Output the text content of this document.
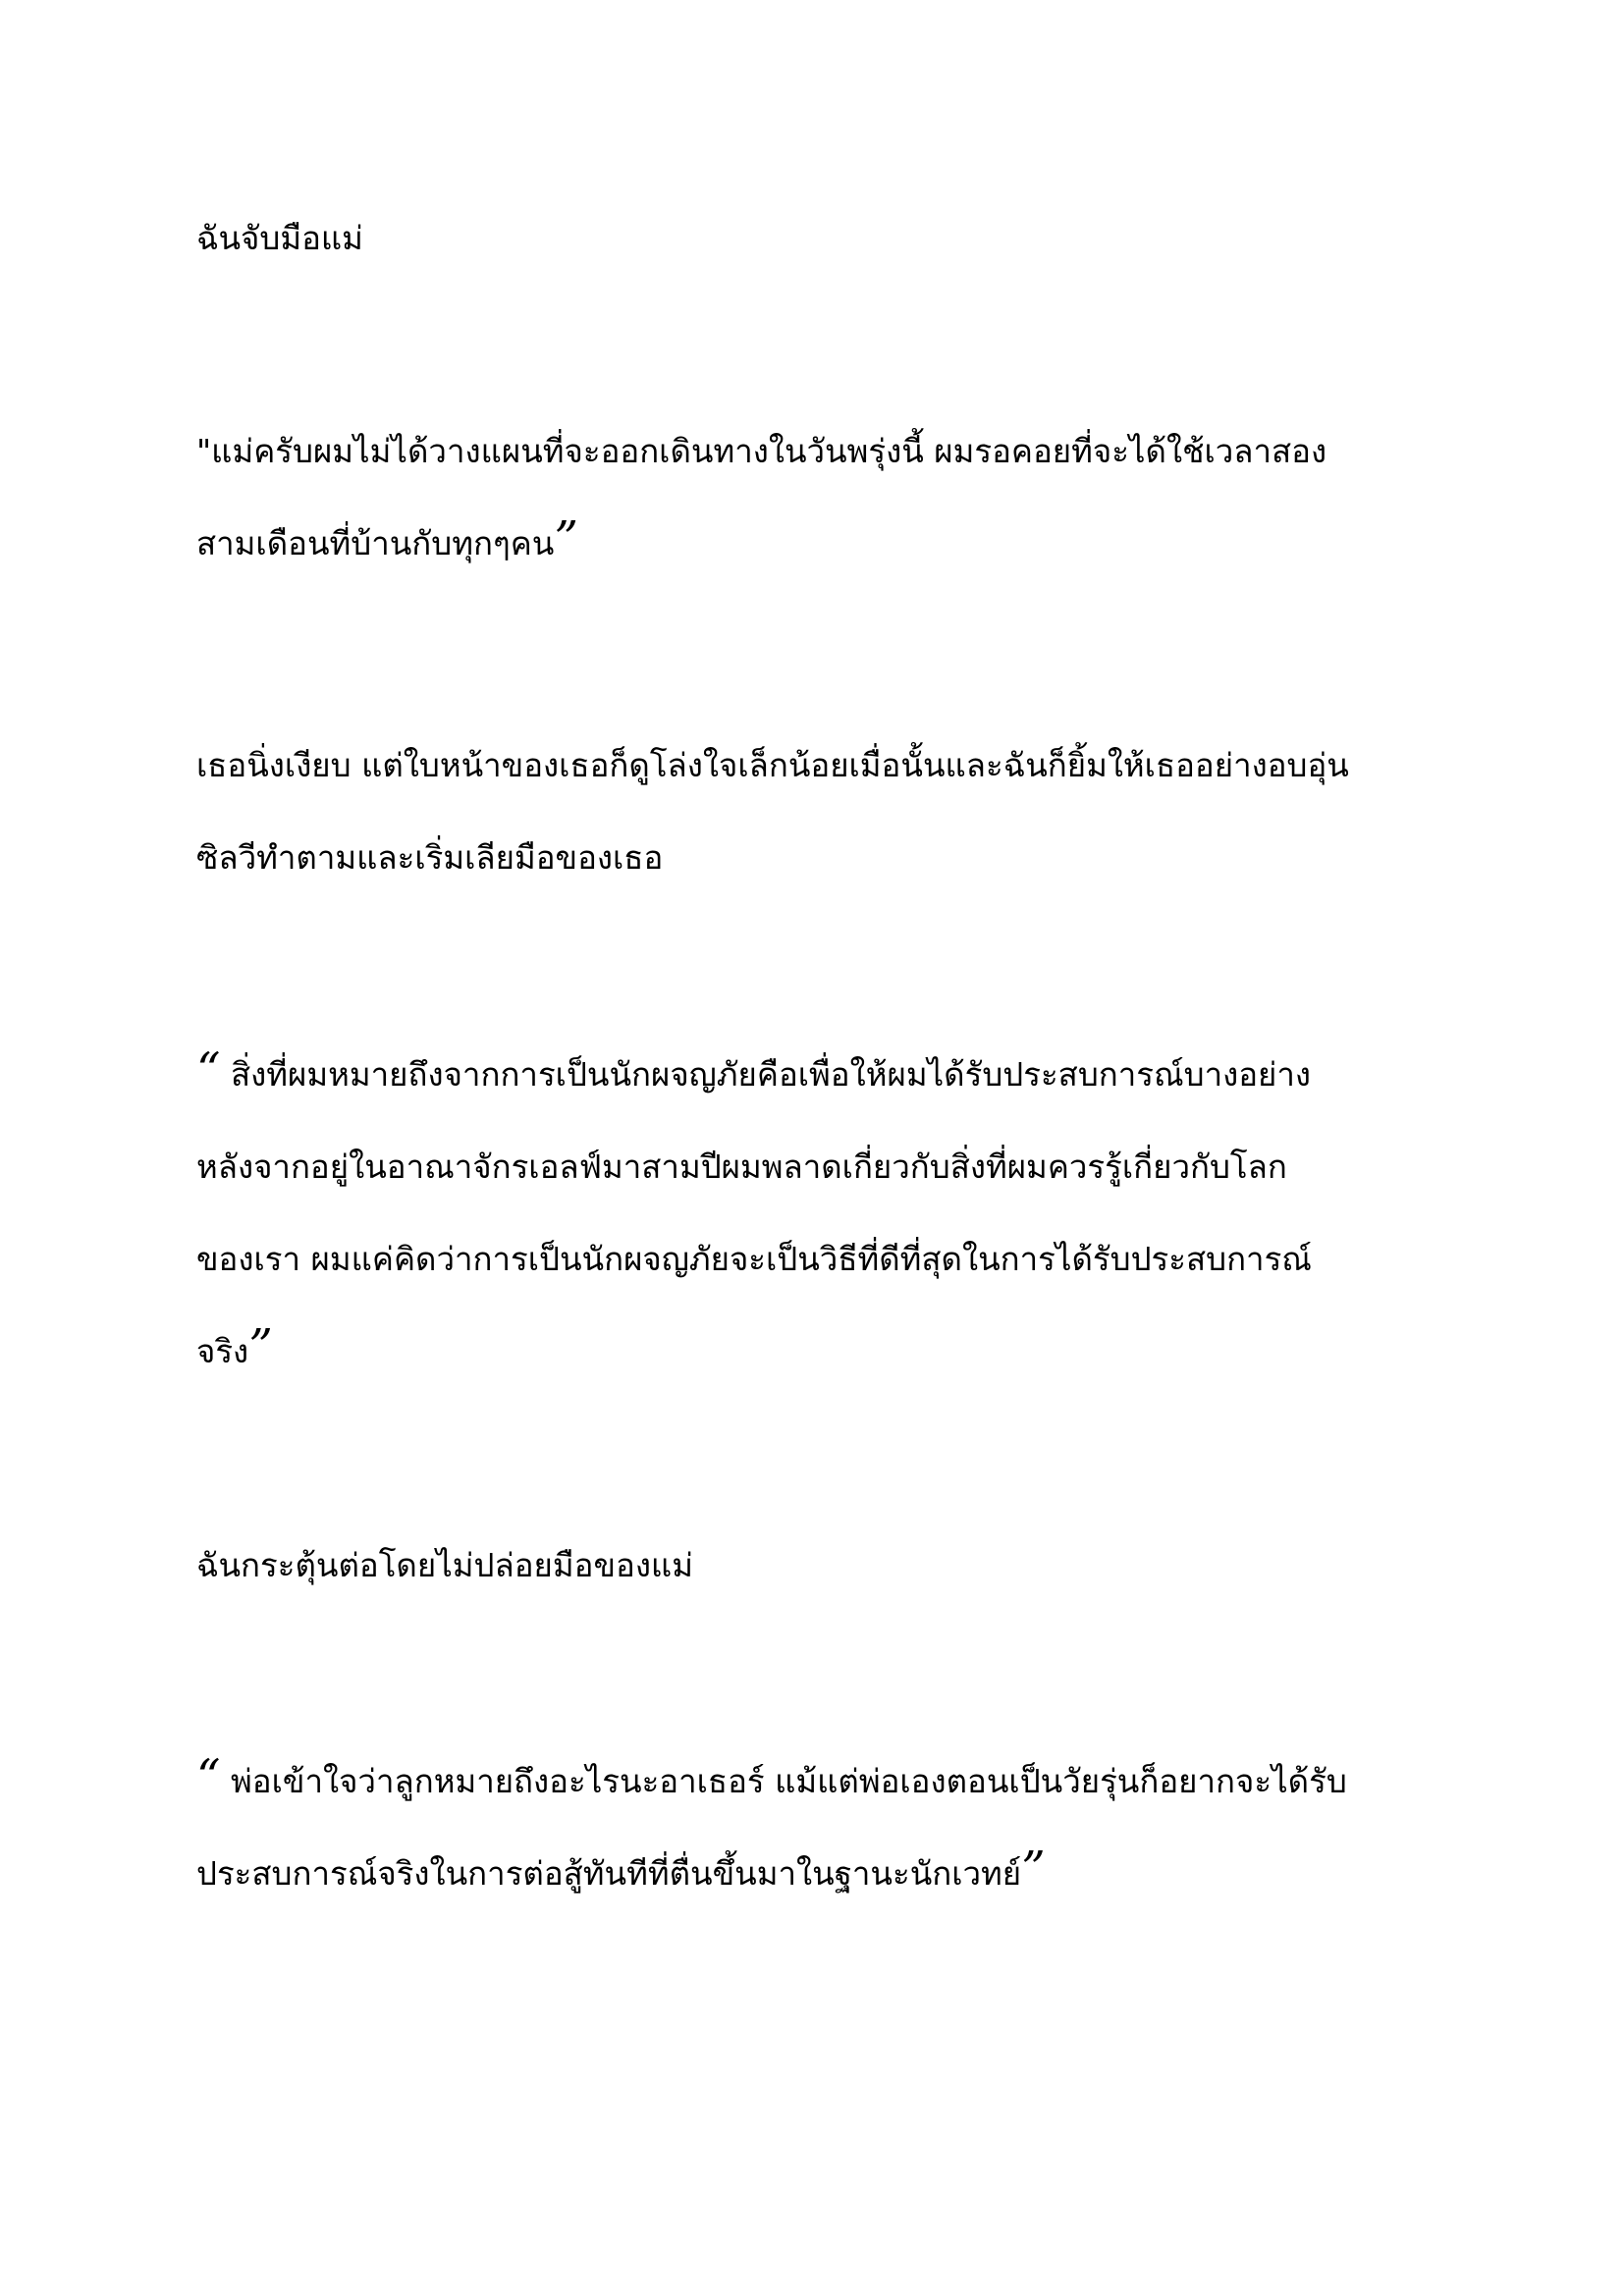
ฉันจับมือแม่

"แม่ครับผมไม่ได้วางแผนที่จะออกเดินทางในวันพรุ่งนี้ ผมรอคอยที่จะได้ใช้เวลาสอง
สามเดือนที่บ้านกับทุกๆคน”

เธอนิ่งเงียบ แต่ใบหน้าของเธอก็ดูโล่งใจเล็กน้อยเมื่อนั้นและฉันก็ยิ้มให้เธออย่างอบอุ่น
ซิลวีทำตามและเริ่มเลียมือของเธอ

“ สิ่งที่ผมหมายถึงจากการเป็นนักผจญภัยคือเพื่อให้ผมได้รับประสบการณ์บางอย่าง
หลังจากอยู่ในอาณาจักรเอลฟ์มาสามปีผมพลาดเกี่ยวกับสิ่งที่ผมควรรู้เกี่ยวกับโลก
ของเรา ผมแค่คิดว่าการเป็นนักผจญภัยจะเป็นวิธีที่ดีที่สุดในการได้รับประสบการณ์
จริง”

ฉันกระตุ้นต่อโดยไม่ปล่อยมือของแม่

“ พ่อเข้าใจว่าลูกหมายถึงอะไรนะอาเธอร์ แม้แต่พ่อเองตอนเป็นวัยรุ่นก็อยากจะได้รับ
ประสบการณ์จริงในการต่อสู้ทันทีที่ตื่นขึ้นมาในฐานะนักเวทย์”
